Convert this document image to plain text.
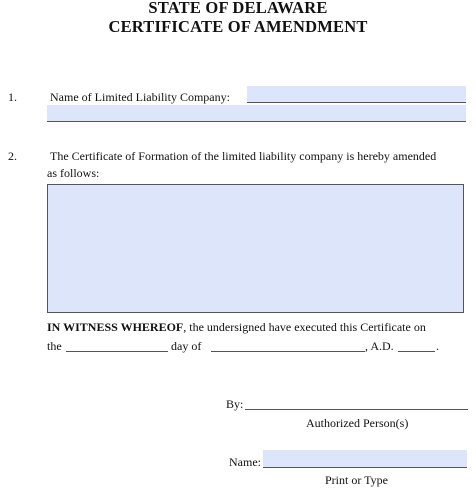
STATE OF DELAWARE
CERTIFICATE OF AMENDMENT
1.	Name of Limited Liability Company:
2.	The Certificate of Formation of the limited liability company is hereby amended
as follows:
IN WITNESS WHEREOF, the undersigned have executed this Certificate on
the	day of	, A.D.	.
By:
Authorized Person(s)
Name:
Print or Type
